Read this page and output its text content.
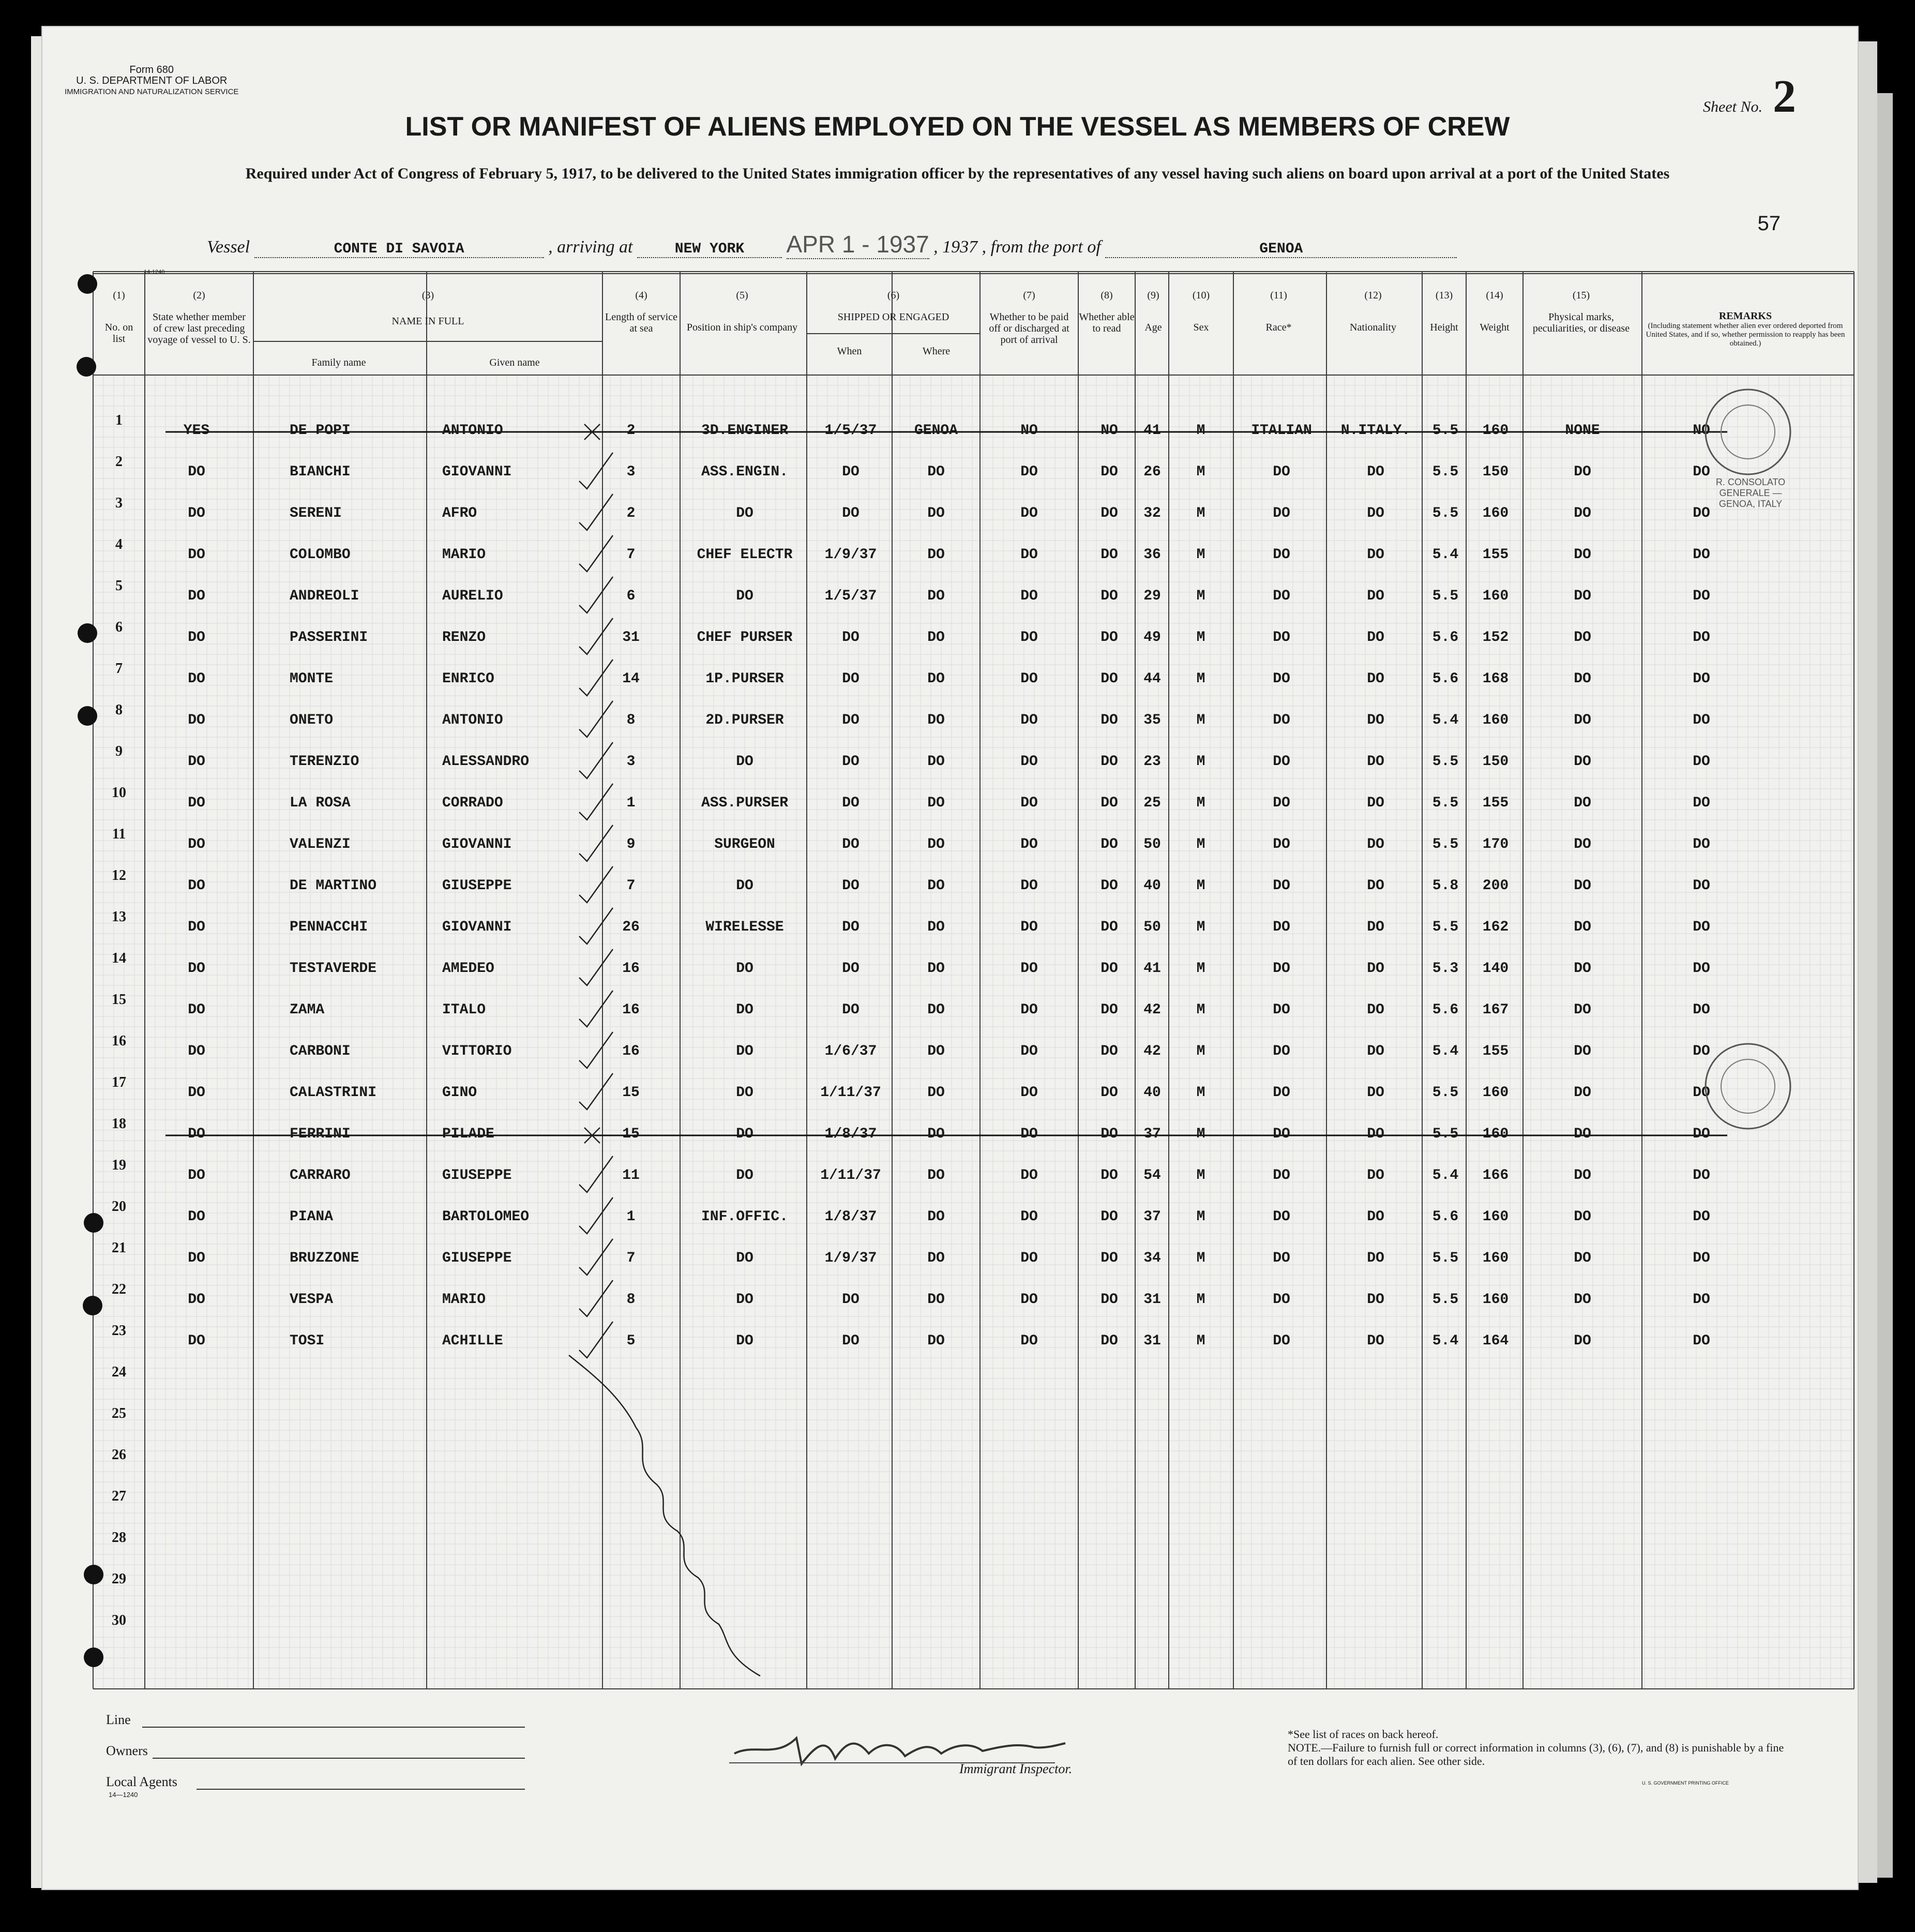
Form 680
U. S. DEPARTMENT OF LABOR
IMMIGRATION AND NATURALIZATION SERVICE
14-1240
Sheet No. 2
LIST OR MANIFEST OF ALIENS EMPLOYED ON THE VESSEL AS MEMBERS OF CREW
Required under Act of Congress of February 5, 1917, to be delivered to the United States immigration officer by the representatives of any vessel having such aliens on board upon arrival at a port of the United States
57
Vessel	CONTE DI SAVOIA	, arriving at	NEW YORK APR 1 - 1937 , 1937 , from the port of	GENOA
(1)
No. on list
(2)
State whether member of crew last preceding voyage of vessel to U. S.
(3)
NAME IN FULL
Family name	Given name
(4)
Length of service at sea
(5)
Position in ship's company
(6)
SHIPPED OR ENGAGED
When	Where
(7)
Whether to be paid off or discharged at port of arrival
(8)
Whether able to read
(9)
Age
(10)
Sex
(11)
Race*
(12)
Nationality
(13)
Height
(14)
Weight
(15)
Physical marks, peculiarities, or disease
REMARKS
(Including statement whether alien ever ordered deported from United States, and if so, whether permission to reapply has been obtained.)
1
YES	DE POPI	ANTONIO	2	3D.ENGINER	1/5/37	GENOA	NO	NO	41	M	ITALIAN	N.ITALY.	5.5	160	NONE	NO
2
DO	BIANCHI	GIOVANNI	3	ASS.ENGIN.	DO	DO	DO	DO	26	M	DO	DO	5.5	150	DO	DO
3
DO	SERENI	AFRO	2	DO	DO	DO	DO	DO	32	M	DO	DO	5.5	160	DO	DO
4
DO	COLOMBO	MARIO	7	CHEF ELECTR	1/9/37	DO	DO	DO	36	M	DO	DO	5.4	155	DO	DO
5
DO	ANDREOLI	AURELIO	6	DO	1/5/37	DO	DO	DO	29	M	DO	DO	5.5	160	DO	DO
6
DO	PASSERINI	RENZO	31	CHEF PURSER	DO	DO	DO	DO	49	M	DO	DO	5.6	152	DO	DO
7
DO	MONTE	ENRICO	14	1P.PURSER	DO	DO	DO	DO	44	M	DO	DO	5.6	168	DO	DO
8
DO	ONETO	ANTONIO	8	2D.PURSER	DO	DO	DO	DO	35	M	DO	DO	5.4	160	DO	DO
9
DO	TERENZIO	ALESSANDRO	3	DO	DO	DO	DO	DO	23	M	DO	DO	5.5	150	DO	DO
10
DO	LA ROSA	CORRADO	1	ASS.PURSER	DO	DO	DO	DO	25	M	DO	DO	5.5	155	DO	DO
11
DO	VALENZI	GIOVANNI	9	SURGEON	DO	DO	DO	DO	50	M	DO	DO	5.5	170	DO	DO
12
DO	DE MARTINO	GIUSEPPE	7	DO	DO	DO	DO	DO	40	M	DO	DO	5.8	200	DO	DO
13
DO	PENNACCHI	GIOVANNI	26	WIRELESSE	DO	DO	DO	DO	50	M	DO	DO	5.5	162	DO	DO
14
DO	TESTAVERDE	AMEDEO	16	DO	DO	DO	DO	DO	41	M	DO	DO	5.3	140	DO	DO
15
DO	ZAMA	ITALO	16	DO	DO	DO	DO	DO	42	M	DO	DO	5.6	167	DO	DO
16
DO	CARBONI	VITTORIO	16	DO	1/6/37	DO	DO	DO	42	M	DO	DO	5.4	155	DO	DO
17
DO	CALASTRINI	GINO	15	DO	1/11/37	DO	DO	DO	40	M	DO	DO	5.5	160	DO	DO
18
DO	FERRINI	PILADE	15	DO	1/8/37	DO	DO	DO	37	M	DO	DO	5.5	160	DO	DO
19
DO	CARRARO	GIUSEPPE	11	DO	1/11/37	DO	DO	DO	54	M	DO	DO	5.4	166	DO	DO
20
DO	PIANA	BARTOLOMEO	1	INF.OFFIC.	1/8/37	DO	DO	DO	37	M	DO	DO	5.6	160	DO	DO
21
DO	BRUZZONE	GIUSEPPE	7	DO	1/9/37	DO	DO	DO	34	M	DO	DO	5.5	160	DO	DO
22
DO	VESPA	MARIO	8	DO	DO	DO	DO	DO	31	M	DO	DO	5.5	160	DO	DO
23
DO	TOSI	ACHILLE	5	DO	DO	DO	DO	DO	31	M	DO	DO	5.4	164	DO	DO
24
25
26
27
28
29
30
Line
Owners
Local Agents
14—1240
Immigrant Inspector.
*See list of races on back hereof.
NOTE.—Failure to furnish full or correct information in columns (3), (6), (7), and (8) is punishable by a fine of ten dollars for each alien. See other side.
U. S. GOVERNMENT PRINTING OFFICE
R. CONSOLATO GENERALE — GENOA, ITALY
